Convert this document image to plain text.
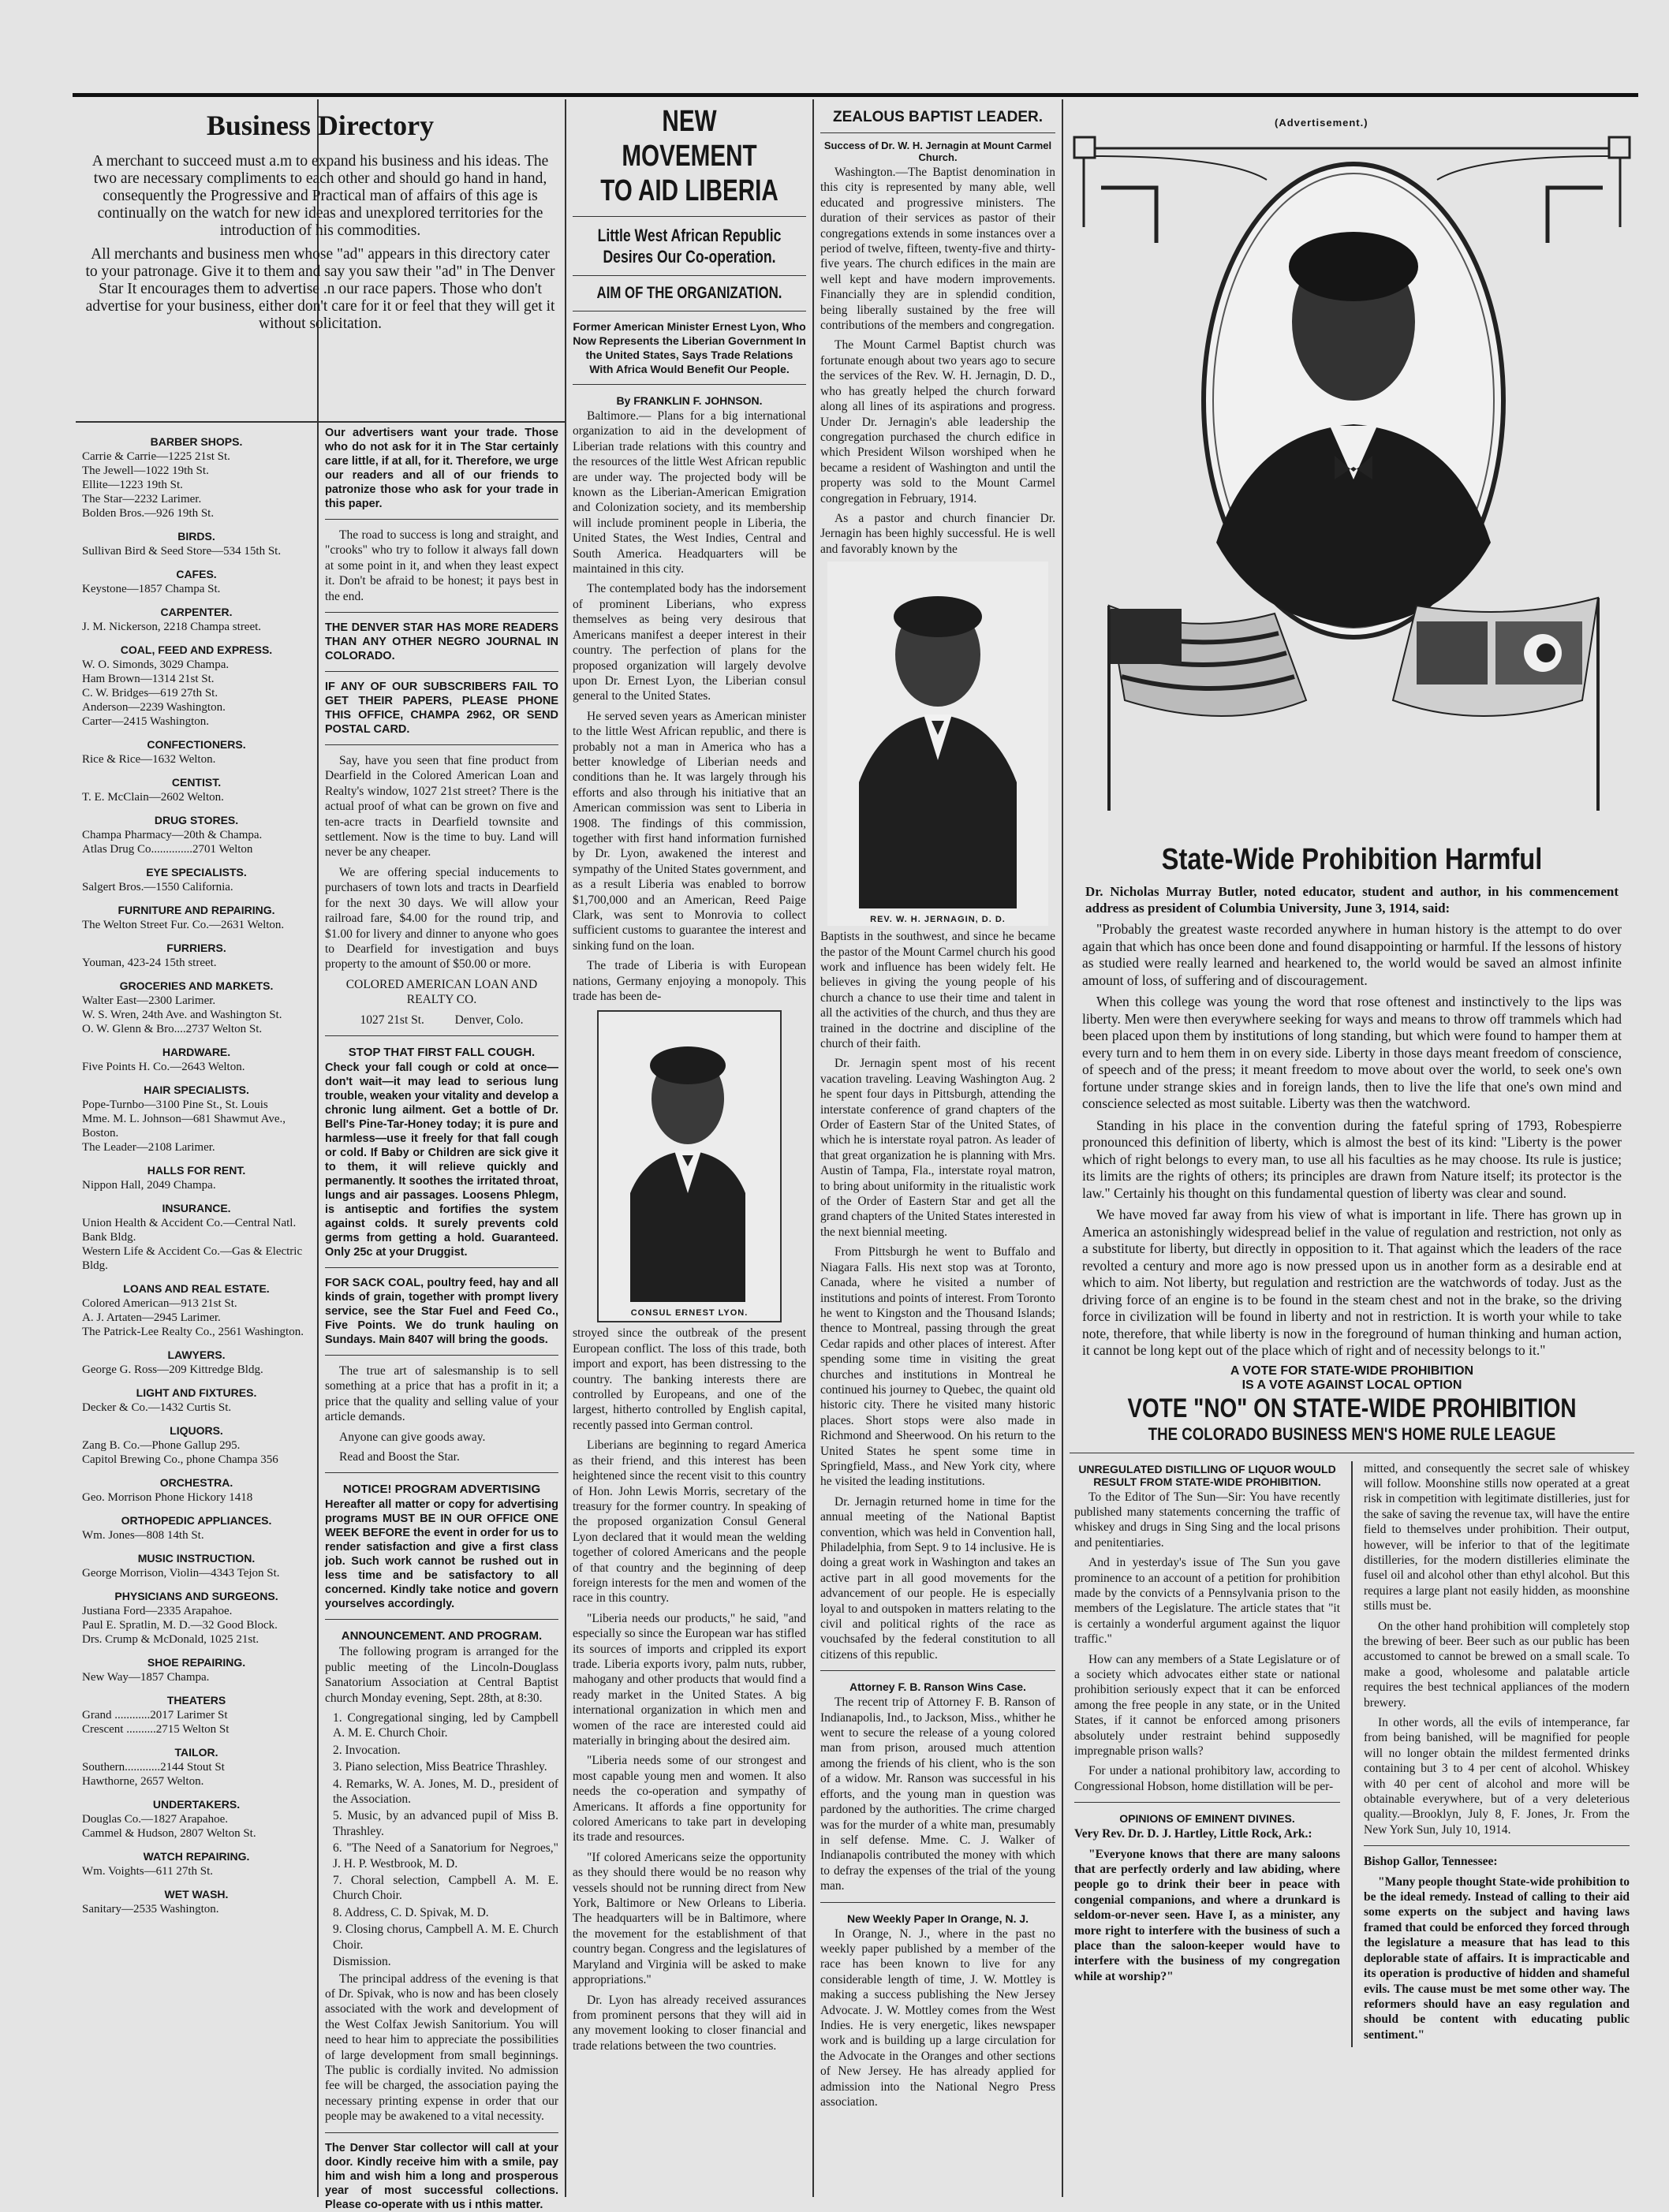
Business Directory

A merchant to succeed must a.m to expand his business and his ideas. The two are necessary compliments to each other and should go hand in hand, consequently the Progressive and Practical man of affairs of this age is continually on the watch for new ideas and unexplored territories for the introduction of his commodities.

All merchants and business men whose "ad" appears in this directory cater to your patronage. Give it to them and say you saw their "ad" in The Denver Star It encourages them to advertise .n our race papers. Those who don't advertise for your business, either don't care for it or feel that they will get it without solicitation.

BARBER SHOPS.

Carrie & Carrie—1225 21st St.

The Jewell—1022 19th St.

Ellite—1223 19th St.

The Star—2232 Larimer.

Bolden Bros.—926 19th St.

BIRDS.

Sullivan Bird & Seed Store—534 15th St.

CAFES.

Keystone—1857 Champa St.

CARPENTER.

J. M. Nickerson, 2218 Champa street.

COAL, FEED AND EXPRESS.

W. O. Simonds, 3029 Champa.

Ham Brown—1314 21st St.

C. W. Bridges—619 27th St.

Anderson—2239 Washington.

Carter—2415 Washington.

CONFECTIONERS.

Rice & Rice—1632 Welton.

CENTIST.

T. E. McClain—2602 Welton.

DRUG STORES.

Champa Pharmacy—20th & Champa.

Atlas Drug Co..............2701 Welton

EYE SPECIALISTS.

Salgert Bros.—1550 California.

FURNITURE AND REPAIRING.

The Welton Street Fur. Co.—2631 Welton.

FURRIERS.

Youman, 423-24 15th street.

GROCERIES AND MARKETS.

Walter East—2300 Larimer.

W. S. Wren, 24th Ave. and Washington St.

O. W. Glenn & Bro....2737 Welton St.

HARDWARE.

Five Points H. Co.—2643 Welton.

HAIR SPECIALISTS.

Pope-Turnbo—3100 Pine St., St. Louis

Mme. M. L. Johnson—681 Shawmut Ave., Boston.

The Leader—2108 Larimer.

HALLS FOR RENT.

Nippon Hall, 2049 Champa.

INSURANCE.

Union Health & Accident Co.—Central Natl. Bank Bldg.

Western Life & Accident Co.—Gas & Electric Bldg.

LOANS AND REAL ESTATE.

Colored American—913 21st St.

A. J. Artaten—2945 Larimer.

The Patrick-Lee Realty Co., 2561 Washington.

LAWYERS.

George G. Ross—209 Kittredge Bldg.

LIGHT AND FIXTURES.

Decker & Co.—1432 Curtis St.

LIQUORS.

Zang B. Co.—Phone Gallup 295.

Capitol Brewing Co., phone Champa 356

ORCHESTRA.

Geo. Morrison Phone Hickory 1418

ORTHOPEDIC APPLIANCES.

Wm. Jones—808 14th St.

MUSIC INSTRUCTION.

George Morrison, Violin—4343 Tejon St.

PHYSICIANS AND SURGEONS.

Justiana Ford—2335 Arapahoe.

Paul E. Spratlin, M. D.—32 Good Block.

Drs. Crump & McDonald, 1025 21st.

SHOE REPAIRING.

New Way—1857 Champa.

THEATERS

Grand ............2017 Larimer St

Crescent ..........2715 Welton St

TAILOR.

Southern............2144 Stout St

Hawthorne, 2657 Welton.

UNDERTAKERS.

Douglas Co.—1827 Arapahoe.

Cammel & Hudson, 2807 Welton St.

WATCH REPAIRING.

Wm. Voights—611 27th St.

WET WASH.

Sanitary—2535 Washington.

Our advertisers want your trade. Those who do not ask for it in The Star certainly care little, if at all, for it. Therefore, we urge our readers and all of our friends to patronize those who ask for your trade in this paper.

The road to success is long and straight, and "crooks" who try to follow it always fall down at some point in it, and when they least expect it. Don't be afraid to be honest; it pays best in the end.

THE DENVER STAR HAS MORE READERS THAN ANY OTHER NEGRO JOURNAL IN COLORADO.

IF ANY OF OUR SUBSCRIBERS FAIL TO GET THEIR PAPERS, PLEASE PHONE THIS OFFICE, CHAMPA 2962, OR SEND POSTAL CARD.

Say, have you seen that fine product from Dearfield in the Colored American Loan and Realty's window, 1027 21st street? There is the actual proof of what can be grown on five and ten-acre tracts in Dearfield townsite and settlement. Now is the time to buy. Land will never be any cheaper.

We are offering special inducements to purchasers of town lots and tracts in Dearfield for the next 30 days. We will allow your railroad fare, $4.00 for the round trip, and $1.00 for livery and dinner to anyone who goes to Dearfield for investigation and buys property to the amount of $50.00 or more.

COLORED AMERICAN LOAN AND REALTY CO.

1027 21st St.          Denver, Colo.

STOP THAT FIRST FALL COUGH.

Check your fall cough or cold at once—don't wait—it may lead to serious lung trouble, weaken your vitality and develop a chronic lung ailment. Get a bottle of Dr. Bell's Pine-Tar-Honey today; it is pure and harmless—use it freely for that fall cough or cold. If Baby or Children are sick give it to them, it will relieve quickly and permanently. It soothes the irritated throat, lungs and air passages. Loosens Phlegm, is antiseptic and fortifies the system against colds. It surely prevents cold germs from getting a hold. Guaranteed. Only 25c at your Druggist.

FOR SACK COAL, poultry feed, hay and all kinds of grain, together with prompt livery service, see the Star Fuel and Feed Co., Five Points. We do trunk hauling on Sundays. Main 8407 will bring the goods.

The true art of salesmanship is to sell something at a price that has a profit in it; a price that the quality and selling value of your article demands.

Anyone can give goods away.

Read and Boost the Star.

NOTICE! PROGRAM ADVERTISING

Hereafter all matter or copy for advertising programs MUST BE IN OUR OFFICE ONE WEEK BEFORE the event in order for us to render satisfaction and give a first class job. Such work cannot be rushed out in less time and be satisfactory to all concerned. Kindly take notice and govern yourselves accordingly.

ANNOUNCEMENT. AND PROGRAM.

The following program is arranged for the public meeting of the Lincoln-Douglass Sanatorium Association at Central Baptist church Monday evening, Sept. 28th, at 8:30.

1. Congregational singing, led by Campbell A. M. E. Church Choir.

2. Invocation.

3. Piano selection, Miss Beatrice Thrashley.

4. Remarks, W. A. Jones, M. D., president of the Association.

5. Music, by an advanced pupil of Miss B. Thrashley.

6. "The Need of a Sanatorium for Negroes," J. H. P. Westbrook, M. D.

7. Choral selection, Campbell A. M. E. Church Choir.

8. Address, C. D. Spivak, M. D.

9. Closing chorus, Campbell A. M. E. Church Choir.

Dismission.

The principal address of the evening is that of Dr. Spivak, who is now and has been closely associated with the work and development of the West Colfax Jewish Sanitorium. You will need to hear him to appreciate the possibilities of large development from small beginnings. The public is cordially invited. No admission fee will be charged, the association paying the necessary printing expense in order that our people may be awakened to a vital necessity.

The Denver Star collector will call at your door. Kindly receive him with a smile, pay him and wish him a long and prosperous year of most successful collections. Please co-operate with us i nthis matter.

NEW MOVEMENT
TO AID LIBERIA
Little West African Republic
Desires Our Co-operation.
AIM OF THE ORGANIZATION.

Former American Minister Ernest Lyon, Who Now Represents the Liberian Government In the United States, Says Trade Relations With Africa Would Benefit Our People.

By FRANKLIN F. JOHNSON.

Baltimore.— Plans for a big international organization to aid in the development of Liberian trade relations with this country and the resources of the little West African republic are under way. The projected body will be known as the Liberian-American Emigration and Colonization society, and its membership will include prominent people in Liberia, the United States, the West Indies, Central and South America. Headquarters will be maintained in this city.

The contemplated body has the indorsement of prominent Liberians, who express themselves as being very desirous that Americans manifest a deeper interest in their country. The perfection of plans for the proposed organization will largely devolve upon Dr. Ernest Lyon, the Liberian consul general to the United States.

He served seven years as American minister to the little West African republic, and there is probably not a man in America who has a better knowledge of Liberian needs and conditions than he. It was largely through his efforts and also through his initiative that an American commission was sent to Liberia in 1908. The findings of this commission, together with first hand information furnished by Dr. Lyon, awakened the interest and sympathy of the United States government, and as a result Liberia was enabled to borrow $1,700,000 and an American, Reed Paige Clark, was sent to Monrovia to collect sufficient customs to guarantee the interest and sinking fund on the loan.

The trade of Liberia is with European nations, Germany enjoying a monopoly. This trade has been de-

CONSUL ERNEST LYON.

stroyed since the outbreak of the present European conflict. The loss of this trade, both import and export, has been distressing to the country. The banking interests there are controlled by Europeans, and one of the largest, hitherto controlled by English capital, recently passed into German control.

Liberians are beginning to regard America as their friend, and this interest has been heightened since the recent visit to this country of Hon. John Lewis Morris, secretary of the treasury for the former country. In speaking of the proposed organization Consul General Lyon declared that it would mean the welding together of colored Americans and the people of that country and the beginning of deep foreign interests for the men and women of the race in this country.

"Liberia needs our products," he said, "and especially so since the European war has stifled its sources of imports and crippled its export trade. Liberia exports ivory, palm nuts, rubber, mahogany and other products that would find a ready market in the United States. A big international organization in which men and women of the race are interested could aid materially in bringing about the desired aim.

"Liberia needs some of our strongest and most capable young men and women. It also needs the co-operation and sympathy of Americans. It affords a fine opportunity for colored Americans to take part in developing its trade and resources.

"If colored Americans seize the opportunity as they should there would be no reason why vessels should not be running direct from New York, Baltimore or New Orleans to Liberia. The headquarters will be in Baltimore, where the movement for the establishment of that country began. Congress and the legislatures of Maryland and Virginia will be asked to make appropriations."

Dr. Lyon has already received assurances from prominent persons that they will aid in any movement looking to closer financial and trade relations between the two countries.

ZEALOUS BAPTIST LEADER.
Success of Dr. W. H. Jernagin at Mount Carmel Church.

Washington.—The Baptist denomination in this city is represented by many able, well educated and progressive ministers. The duration of their services as pastor of their congregations extends in some instances over a period of twelve, fifteen, twenty-five and thirty-five years. The church edifices in the main are well kept and have modern improvements. Financially they are in splendid condition, being liberally sustained by the free will contributions of the members and congregation.

The Mount Carmel Baptist church was fortunate enough about two years ago to secure the services of the Rev. W. H. Jernagin, D. D., who has greatly helped the church forward along all lines of its aspirations and progress. Under Dr. Jernagin's able leadership the congregation purchased the church edifice in which President Wilson worshiped when he became a resident of Washington and until the property was sold to the Mount Carmel congregation in February, 1914.

As a pastor and church financier Dr. Jernagin has been highly successful. He is well and favorably known by the

REV. W. H. JERNAGIN, D. D.

Baptists in the southwest, and since he became the pastor of the Mount Carmel church his good work and influence has been widely felt. He believes in giving the young people of his church a chance to use their time and talent in all the activities of the church, and thus they are trained in the doctrine and discipline of the church of their faith.

Dr. Jernagin spent most of his recent vacation traveling. Leaving Washington Aug. 2 he spent four days in Pittsburgh, attending the interstate conference of grand chapters of the Order of Eastern Star of the United States, of which he is interstate royal patron. As leader of that great organization he is planning with Mrs. Austin of Tampa, Fla., interstate royal matron, to bring about uniformity in the ritualistic work of the Order of Eastern Star and get all the grand chapters of the United States interested in the next biennial meeting.

From Pittsburgh he went to Buffalo and Niagara Falls. His next stop was at Toronto, Canada, where he visited a number of institutions and points of interest. From Toronto he went to Kingston and the Thousand Islands; thence to Montreal, passing through the great Cedar rapids and other places of interest. After spending some time in visiting the great churches and institutions in Montreal he continued his journey to Quebec, the quaint old historic city. There he visited many historic places. Short stops were also made in Richmond and Sheerwood. On his return to the United States he spent some time in Springfield, Mass., and New York city, where he visited the leading institutions.

Dr. Jernagin returned home in time for the annual meeting of the National Baptist convention, which was held in Convention hall, Philadelphia, from Sept. 9 to 14 inclusive. He is doing a great work in Washington and takes an active part in all good movements for the advancement of our people. He is especially loyal to and outspoken in matters relating to the civil and political rights of the race as vouchsafed by the federal constitution to all citizens of this republic.

Attorney F. B. Ranson Wins Case.

The recent trip of Attorney F. B. Ranson of Indianapolis, Ind., to Jackson, Miss., whither he went to secure the release of a young colored man from prison, aroused much attention among the friends of his client, who is the son of a widow. Mr. Ranson was successful in his efforts, and the young man in question was pardoned by the authorities. The crime charged was for the murder of a white man, presumably in self defense. Mme. C. J. Walker of Indianapolis contributed the money with which to defray the expenses of the trial of the young man.

New Weekly Paper In Orange, N. J.

In Orange, N. J., where in the past no weekly paper published by a member of the race has been known to live for any considerable length of time, J. W. Mottley is making a success publishing the New Jersey Advocate. J. W. Mottley comes from the West Indies. He is very energetic, likes newspaper work and is building up a large circulation for the Advocate in the Oranges and other sections of New Jersey. He has already applied for admission into the National Negro Press association.

(Advertisement.)
State-Wide Prohibition Harmful

Dr. Nicholas Murray Butler, noted educator, student and author, in his commencement address as president of Columbia University, June 3, 1914, said:

"Probably the greatest waste recorded anywhere in human history is the attempt to do over again that which has once been done and found disappointing or harmful. If the lessons of history as studied were really learned and hearkened to, the world would be saved an almost infinite amount of loss, of suffering and of discouragement.

When this college was young the word that rose oftenest and instinctively to the lips was liberty. Men were then everywhere seeking for ways and means to throw off trammels which had been placed upon them by institutions of long standing, but which were found to hamper them at every turn and to hem them in on every side. Liberty in those days meant freedom of conscience, of speech and of the press; it meant freedom to move about over the world, to seek one's own fortune under strange skies and in foreign lands, then to live the life that one's own mind and conscience selected as most suitable. Liberty was then the watchword.

Standing in his place in the convention during the fateful spring of 1793, Robespierre pronounced this definition of liberty, which is almost the best of its kind: "Liberty is the power which of right belongs to every man, to use all his faculties as he may choose. Its rule is justice; its limits are the rights of others; its principles are drawn from Nature itself; its protector is the law." Certainly his thought on this fundamental question of liberty was clear and sound.

We have moved far away from his view of what is important in life. There has grown up in America an astonishingly widespread belief in the value of regulation and restriction, not only as a substitute for liberty, but directly in opposition to it. That against which the leaders of the race revolted a century and more ago is now pressed upon us in another form as a desirable end at which to aim. Not liberty, but regulation and restriction are the watchwords of today. Just as the driving force of an engine is to be found in the steam chest and not in the brake, so the driving force in civilization will be found in liberty and not in restriction. It is worth your while to take note, therefore, that while liberty is now in the foreground of human thinking and human action, it cannot be long kept out of the place which of right and of necessity belongs to it."

A VOTE FOR STATE-WIDE PROHIBITION
IS A VOTE AGAINST LOCAL OPTION
VOTE "NO" ON STATE-WIDE PROHIBITION
THE COLORADO BUSINESS MEN'S HOME RULE LEAGUE
UNREGULATED DISTILLING OF LIQUOR WOULD RESULT FROM STATE-WIDE PROHIBITION.

To the Editor of The Sun—Sir: You have recently published many statements concerning the traffic of whiskey and drugs in Sing Sing and the local prisons and penitentiaries.

And in yesterday's issue of The Sun you gave prominence to an account of a petition for prohibition made by the convicts of a Pennsylvania prison to the members of the Legislature. The article states that "it is certainly a wonderful argument against the liquor traffic."

How can any members of a State Legislature or of a society which advocates either state or national prohibition seriously expect that it can be enforced among the free people in any state, or in the United States, if it cannot be enforced among prisoners absolutely under restraint behind supposedly impregnable prison walls?

For under a national prohibitory law, according to Congressional Hobson, home distillation will be per-

OPINIONS OF EMINENT DIVINES.

Very Rev. Dr. D. J. Hartley, Little Rock, Ark.:

"Everyone knows that there are many saloons that are perfectly orderly and law abiding, where people go to drink their beer in peace with congenial companions, and where a drunkard is seldom-or-never seen. Have I, as a minister, any more right to interfere with the business of such a place than the saloon-keeper would have to interfere with the business of my congregation while at worship?"

mitted, and consequently the secret sale of whiskey will follow. Moonshine stills now operated at a great risk in competition with legitimate distilleries, just for the sake of saving the revenue tax, will have the entire field to themselves under prohibition. Their output, however, will be inferior to that of the legitimate distilleries, for the modern distilleries eliminate the fusel oil and alcohol other than ethyl alcohol. But this requires a large plant not easily hidden, as moonshine stills must be.

On the other hand prohibition will completely stop the brewing of beer. Beer such as our public has been accustomed to cannot be brewed on a small scale. To make a good, wholesome and palatable article requires the best technical appliances of the modern brewery.

In other words, all the evils of intemperance, far from being banished, will be magnified for people will no longer obtain the mildest fermented drinks containing but 3 to 4 per cent of alcohol. Whiskey with 40 per cent of alcohol and more will be obtainable everywhere, but of a very deleterious quality.—Brooklyn, July 8, F. Jones, Jr. From the New York Sun, July 10, 1914.

Bishop Gallor, Tennessee:

"Many people thought State-wide prohibition to be the ideal remedy. Instead of calling to their aid some experts on the subject and having laws framed that could be enforced they forced through the legislature a measure that has lead to this deplorable state of affairs. It is impracticable and its operation is productive of hidden and shameful evils. The cause must be met some other way. The reformers should have an easy regulation and should be content with educating public sentiment."
